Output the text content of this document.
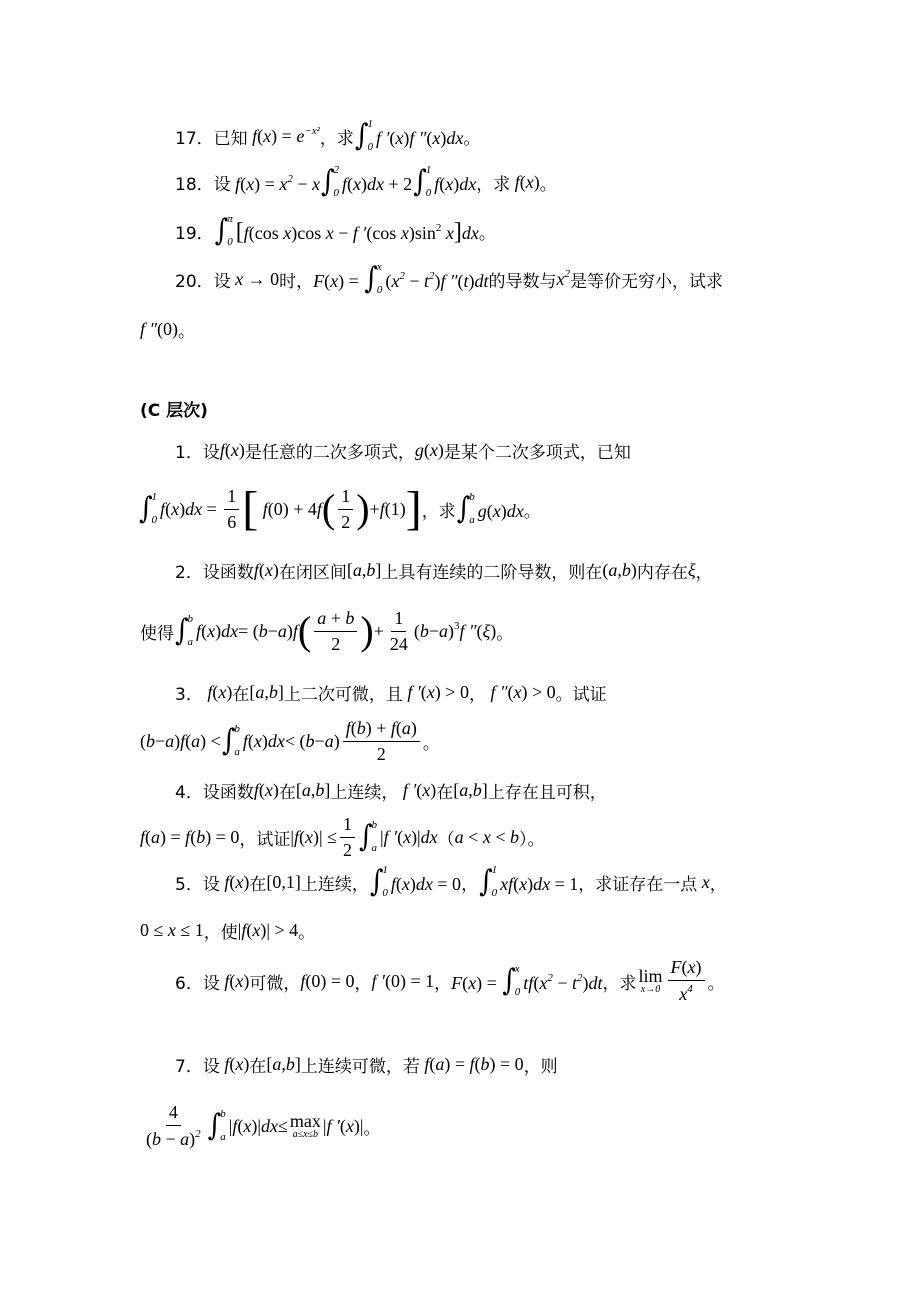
17． 已知 $f(x) = e^{-x^2}$ ，求 ∫ 1
0 f ′(x)f ″(x)dx 。
18． 设 $f(x) = x^2 - x$ ∫ 2
0 f(x)dx + 2 ∫ 1
0 f(x)dx ，求 f(x) 。
19． ∫ π
0 [f(cos x)cos x − f ′(cos $x)\sin^2$ x]dx 。
20． 设 x → 0 时， F(x) = ∫ x
0 $(x^2 - t^2)f$ ″(t)dt 的导数与 $x^2$ 是等价无穷小，试求
f ″(0) 。
(C 层次)
1． 设 f(x) 是任意的二次多项式， g(x) 是某个二次多项式，已知
∫ 1
0
f ( x ) dx = $\frac{1}{6}$ [ f (0) + 4 f ( $\frac{1}{2}$ ) + f (1) ] ，求 ∫ b
a g(x)dx 。
2． 设函数 f(x) 在闭区间 [a,b] 上具有连续的二阶导数，则在 (a,b) 内存在 ξ ，
使得 ∫ b
a
f ( x ) dx = ( b − a ) f ( $\frac{a + b}{2}$ ) + $\frac{1}{24}$ ( b − a )$^3$ f ″ ( ξ ) 。
3． f(x) 在 [a,b] 上二次可微，且 f ′(x) > 0 ， f ″(x) > 0 。试证
( b − a ) f ( a ) < ∫ b
a
f ( x ) dx < ( b − a ) $\frac{f(b) + f(a)}{2}$ 。
4． 设函数 f(x) 在 [a,b] 上连续， f ′(x) 在 [a,b] 上存在且可积，
f(a) = f(b) = 0 ，试证 | f ( x )| ≤ $\frac{1}{2}$ ∫ b
a
| f ′ ( x )| dx （ a < x < b ）。
5． 设 f(x) 在 [0,1] 上连续， ∫ 1
0 f(x)dx = 0 ， ∫ 1
0 xf(x)dx = 1 ，求证存在一点 x ，
0 ≤ x ≤ 1 ，使 |f(x)| > 4 。
6． 设 f(x) 可微， f(0) = 0 ， f ′(0) = 1 ， F(x) = ∫ x
0 $tf(x^2 - t^2)dt$ ，求 lim
$x\to 0 \frac{F(x)}{x^4}$ 。
7． 设 f(x) 在 [a,b] 上连续可微，若 f(a) = f(b) = 0 ，则
$\frac{4}{(b - a)^2}$ ∫ b
a
| f ( x )| dx ≤ max
a≤x≤b | f ′ ( x )| 。
